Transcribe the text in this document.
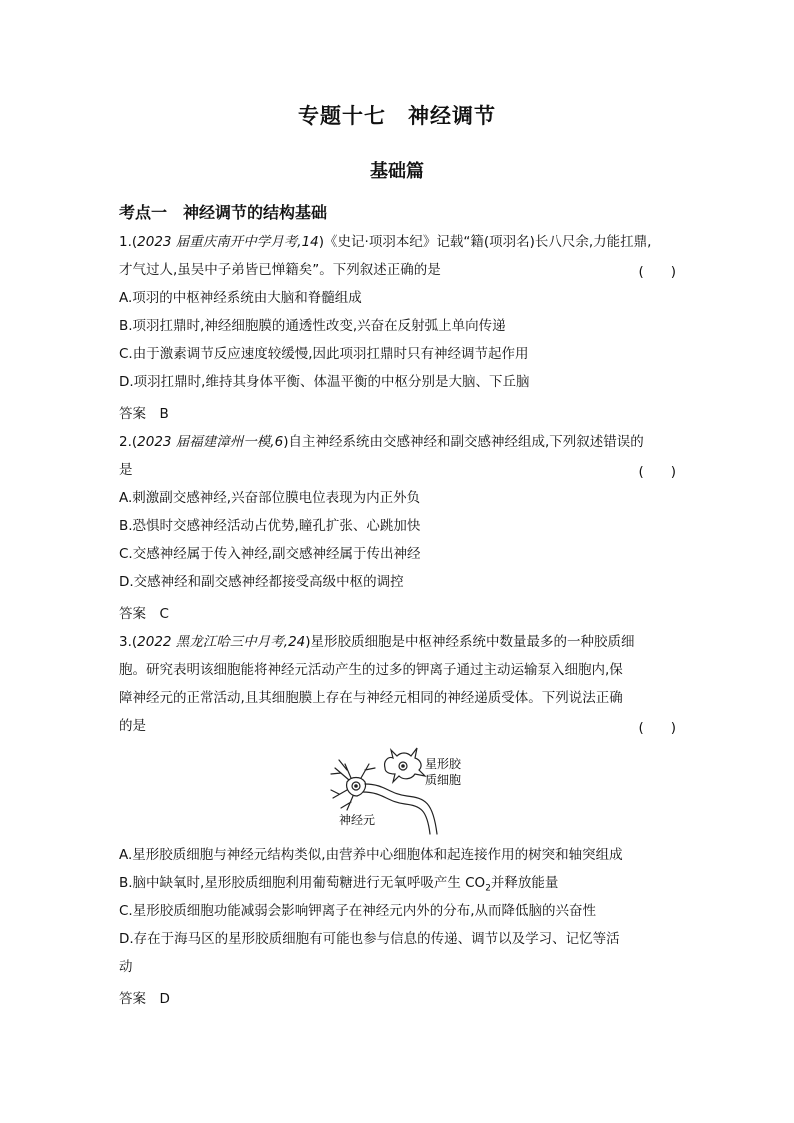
专题十七　神经调节
基础篇
考点一　神经调节的结构基础
1.(2023 届重庆南开中学月考,14)《史记·项羽本纪》记载“籍(项羽名)长八尺余,力能扛鼎,
才气过人,虽吴中子弟皆已惮籍矣”。下列叙述正确的是	(　　)
A.项羽的中枢神经系统由大脑和脊髓组成
B.项羽扛鼎时,神经细胞膜的通透性改变,兴奋在反射弧上单向传递
C.由于激素调节反应速度较缓慢,因此项羽扛鼎时只有神经调节起作用
D.项羽扛鼎时,维持其身体平衡、体温平衡的中枢分别是大脑、下丘脑
答案　B
2.(2023 届福建漳州一模,6)自主神经系统由交感神经和副交感神经组成,下列叙述错误的
是	(　　)
A.刺激副交感神经,兴奋部位膜电位表现为内正外负
B.恐惧时交感神经活动占优势,瞳孔扩张、心跳加快
C.交感神经属于传入神经,副交感神经属于传出神经
D.交感神经和副交感神经都接受高级中枢的调控
答案　C
3.(2022 黑龙江哈三中月考,24)星形胶质细胞是中枢神经系统中数量最多的一种胶质细
胞。研究表明该细胞能将神经元活动产生的过多的钾离子通过主动运输泵入细胞内,保
障神经元的正常活动,且其细胞膜上存在与神经元相同的神经递质受体。下列说法正确
的是	(　　)
星形胶
质细胞
神经元
A.星形胶质细胞与神经元结构类似,由营养中心细胞体和起连接作用的树突和轴突组成
B.脑中缺氧时,星形胶质细胞利用葡萄糖进行无氧呼吸产生 $CO_2$并释放能量
C.星形胶质细胞功能减弱会影响钾离子在神经元内外的分布,从而降低脑的兴奋性
D.存在于海马区的星形胶质细胞有可能也参与信息的传递、调节以及学习、记忆等活
动
答案　D
